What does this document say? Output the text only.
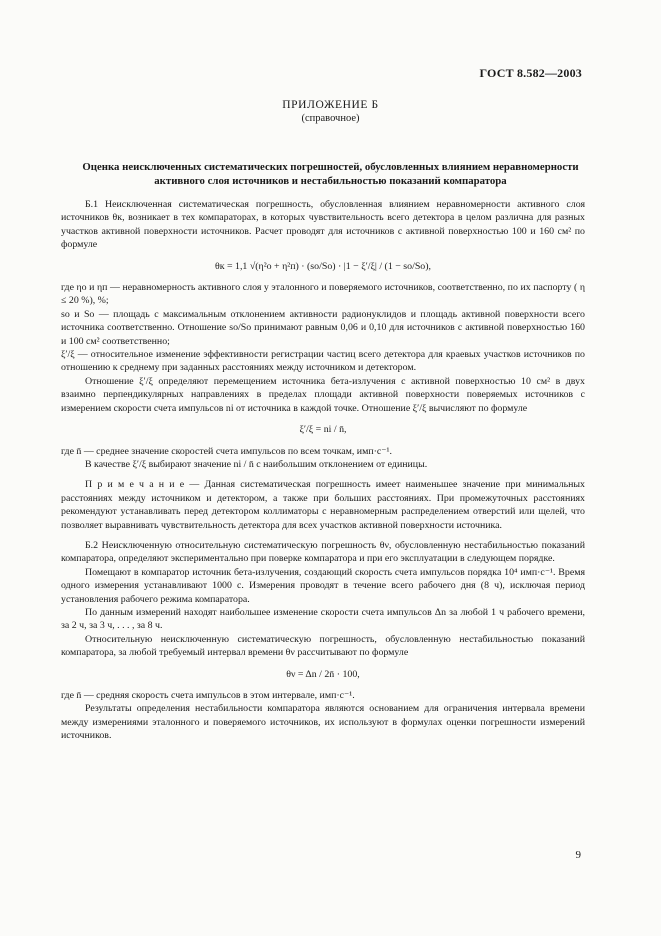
ГОСТ 8.582—2003
ПРИЛОЖЕНИЕ Б
(справочное)
Оценка неисключенных систематических погрешностей, обусловленных влиянием неравномерности активного слоя источников и нестабильностью показаний компаратора

Б.1 Неисключенная систематическая погрешность, обусловленная влиянием неравномерности активного слоя источников θк, возникает в тех компараторах, в которых чувствительность всего детектора в целом различна для разных участков активной поверхности источников. Расчет проводят для источников с активной поверхностью 100 и 160 см² по формуле

θк = 1,1 √(η²о + η²п) · (sо/Sо) · |1 − ξ′/ξ| / (1 − sо/Sо),

где ηо и ηп — неравномерность активного слоя у эталонного и поверяемого источников, соответственно, по их паспорту ( η ≤ 20 %), %;

sо и Sо — площадь с максимальным отклонением активности радионуклидов и площадь активной поверхности всего источника соответственно. Отношение sо/Sо принимают равным 0,06 и 0,10 для источников с активной поверхностью 160 и 100 см² соответственно;

ξ′/ξ — относительное изменение эффективности регистрации частиц всего детектора для краевых участков источников по отношению к среднему при заданных расстояниях между источником и детектором.

Отношение ξ′/ξ определяют перемещением источника бета-излучения с активной поверхностью 10 см² в двух взаимно перпендикулярных направлениях в пределах площади активной поверхности поверяемых источников с измерением скорости счета импульсов ni от источника в каждой точке. Отношение ξ′/ξ вычисляют по формуле

ξ′/ξ = ni / n̄,

где n̄ — среднее значение скоростей счета импульсов по всем точкам, имп·с⁻¹.

В качестве ξ′/ξ выбирают значение ni / n̄ с наибольшим отклонением от единицы.

П р и м е ч а н и е — Данная систематическая погрешность имеет наименьшее значение при минимальных расстояниях между источником и детектором, а также при больших расстояниях. При промежуточных расстояниях рекомендуют устанавливать перед детектором коллиматоры с неравномерным распределением отверстий или щелей, что позволяет выравнивать чувствительность детектора для всех участков активной поверхности источника.

Б.2 Неисключенную относительную систематическую погрешность θν, обусловленную нестабильностью показаний компаратора, определяют экспериментально при поверке компаратора и при его эксплуатации в следующем порядке.

Помещают в компаратор источник бета-излучения, создающий скорость счета импульсов порядка 10⁴ имп·с⁻¹. Время одного измерения устанавливают 1000 с. Измерения проводят в течение всего рабочего дня (8 ч), исключая период установления рабочего режима компаратора.

По данным измерений находят наибольшее изменение скорости счета импульсов Δn за любой 1 ч рабочего времени, за 2 ч, за 3 ч, . . . , за 8 ч.

Относительную неисключенную систематическую погрешность, обусловленную нестабильностью показаний компаратора, за любой требуемый интервал времени θν рассчитывают по формуле

θν = Δn / 2n̄ · 100,

где n̄ — средняя скорость счета импульсов в этом интервале, имп·с⁻¹.

Результаты определения нестабильности компаратора являются основанием для ограничения интервала времени между измерениями эталонного и поверяемого источников, их используют в формулах оценки погрешности измерений источников.

9
